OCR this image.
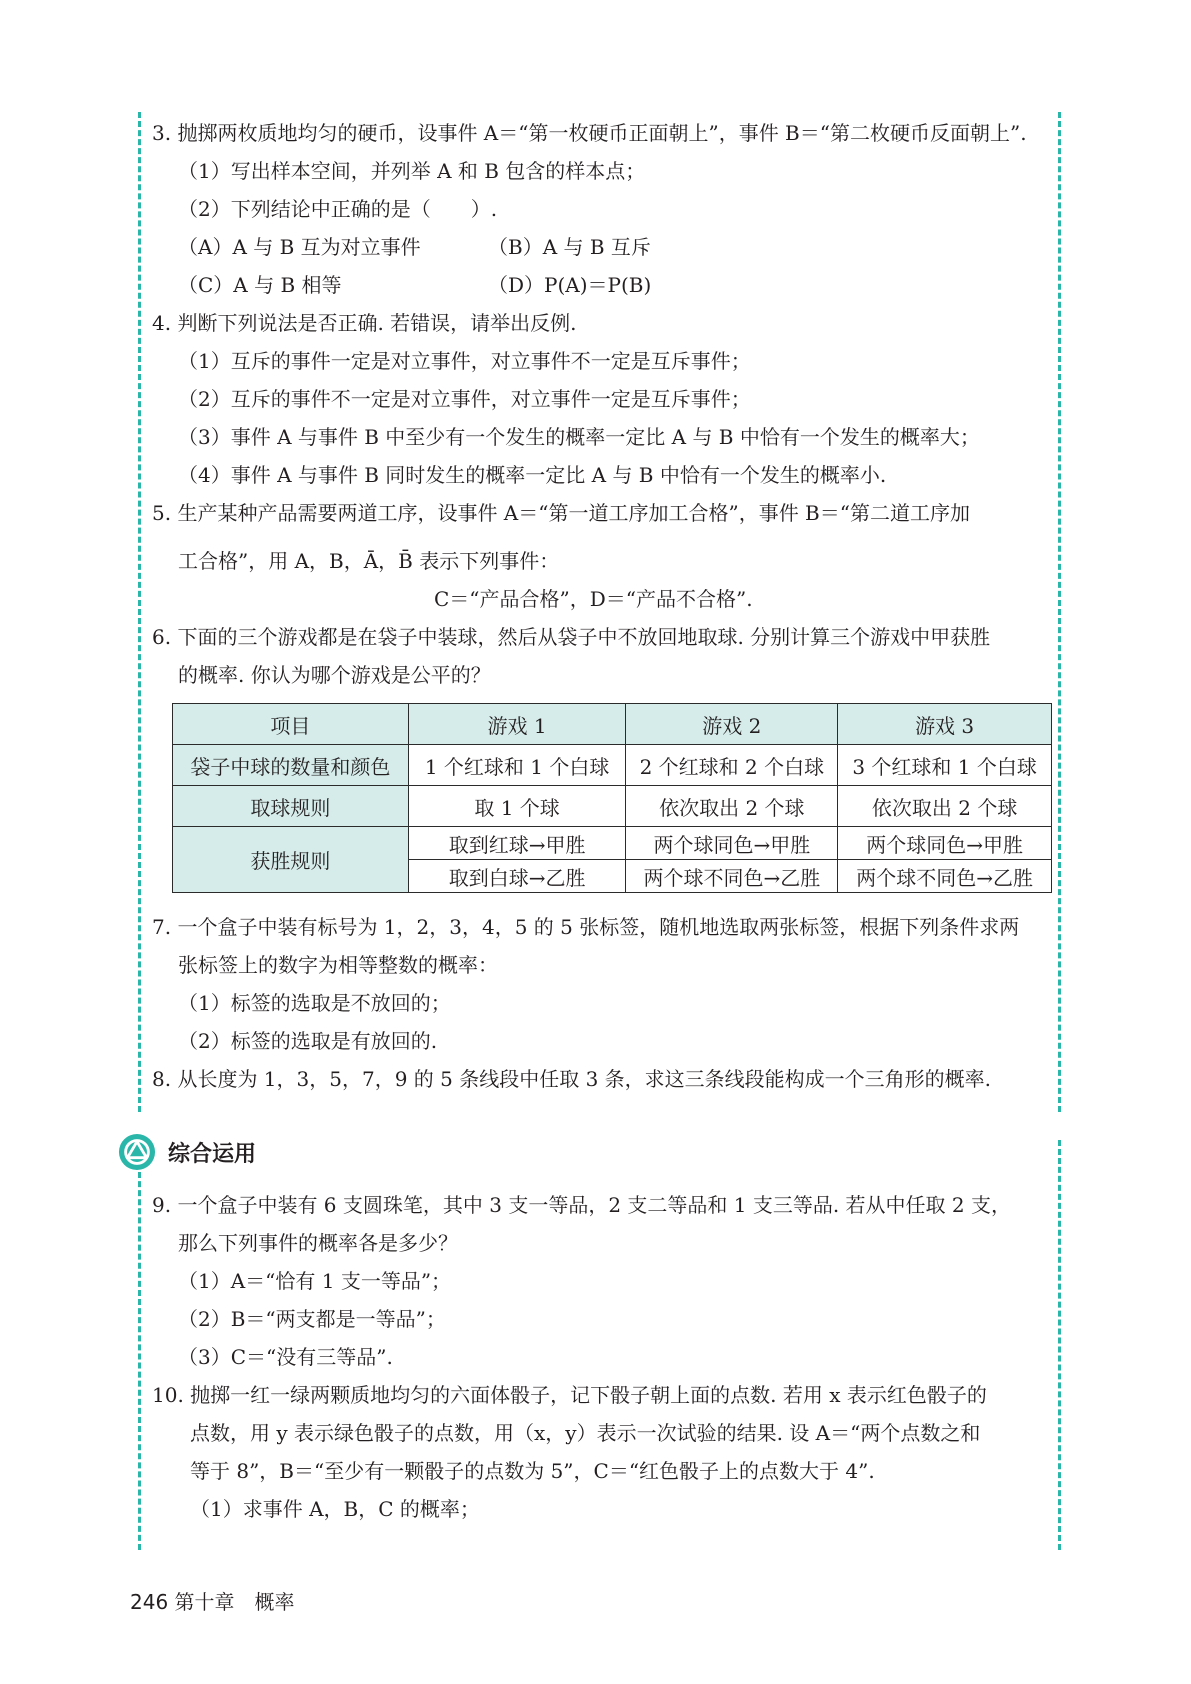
3. 抛掷两枚质地均匀的硬币，设事件 A＝“第一枚硬币正面朝上”，事件 B＝“第二枚硬币反面朝上”.
（1）写出样本空间，并列举 A 和 B 包含的样本点；
（2）下列结论中正确的是（　　）.
（A）A 与 B 互为对立事件	（B）A 与 B 互斥
（C）A 与 B 相等	（D）P(A)＝P(B)
4. 判断下列说法是否正确. 若错误，请举出反例.
（1）互斥的事件一定是对立事件，对立事件不一定是互斥事件；
（2）互斥的事件不一定是对立事件，对立事件一定是互斥事件；
（3）事件 A 与事件 B 中至少有一个发生的概率一定比 A 与 B 中恰有一个发生的概率大；
（4）事件 A 与事件 B 同时发生的概率一定比 A 与 B 中恰有一个发生的概率小.
5. 生产某种产品需要两道工序，设事件 A＝“第一道工序加工合格”，事件 B＝“第二道工序加
工合格”，用 A，B，Ā，B̄ 表示下列事件：
C＝“产品合格”，D＝“产品不合格”.
6. 下面的三个游戏都是在袋子中装球，然后从袋子中不放回地取球. 分别计算三个游戏中甲获胜
的概率. 你认为哪个游戏是公平的？
项目	游戏 1	游戏 2	游戏 3
袋子中球的数量和颜色	1 个红球和 1 个白球	2 个红球和 2 个白球	3 个红球和 1 个白球
取球规则	取 1 个球	依次取出 2 个球	依次取出 2 个球
获胜规则	取到红球→甲胜	两个球同色→甲胜	两个球同色→甲胜
	取到白球→乙胜	两个球不同色→乙胜	两个球不同色→乙胜
7. 一个盒子中装有标号为 1，2，3，4，5 的 5 张标签，随机地选取两张标签，根据下列条件求两
张标签上的数字为相等整数的概率：
（1）标签的选取是不放回的；
（2）标签的选取是有放回的.
8. 从长度为 1，3，5，7，9 的 5 条线段中任取 3 条，求这三条线段能构成一个三角形的概率.
综合运用
9. 一个盒子中装有 6 支圆珠笔，其中 3 支一等品，2 支二等品和 1 支三等品. 若从中任取 2 支，
那么下列事件的概率各是多少？
（1）A＝“恰有 1 支一等品”；
（2）B＝“两支都是一等品”；
（3）C＝“没有三等品”.
10. 抛掷一红一绿两颗质地均匀的六面体骰子，记下骰子朝上面的点数. 若用 x 表示红色骰子的
点数，用 y 表示绿色骰子的点数，用（x，y）表示一次试验的结果. 设 A＝“两个点数之和
等于 8”，B＝“至少有一颗骰子的点数为 5”，C＝“红色骰子上的点数大于 4”.
（1）求事件 A，B，C 的概率；
246 第十章　概率
